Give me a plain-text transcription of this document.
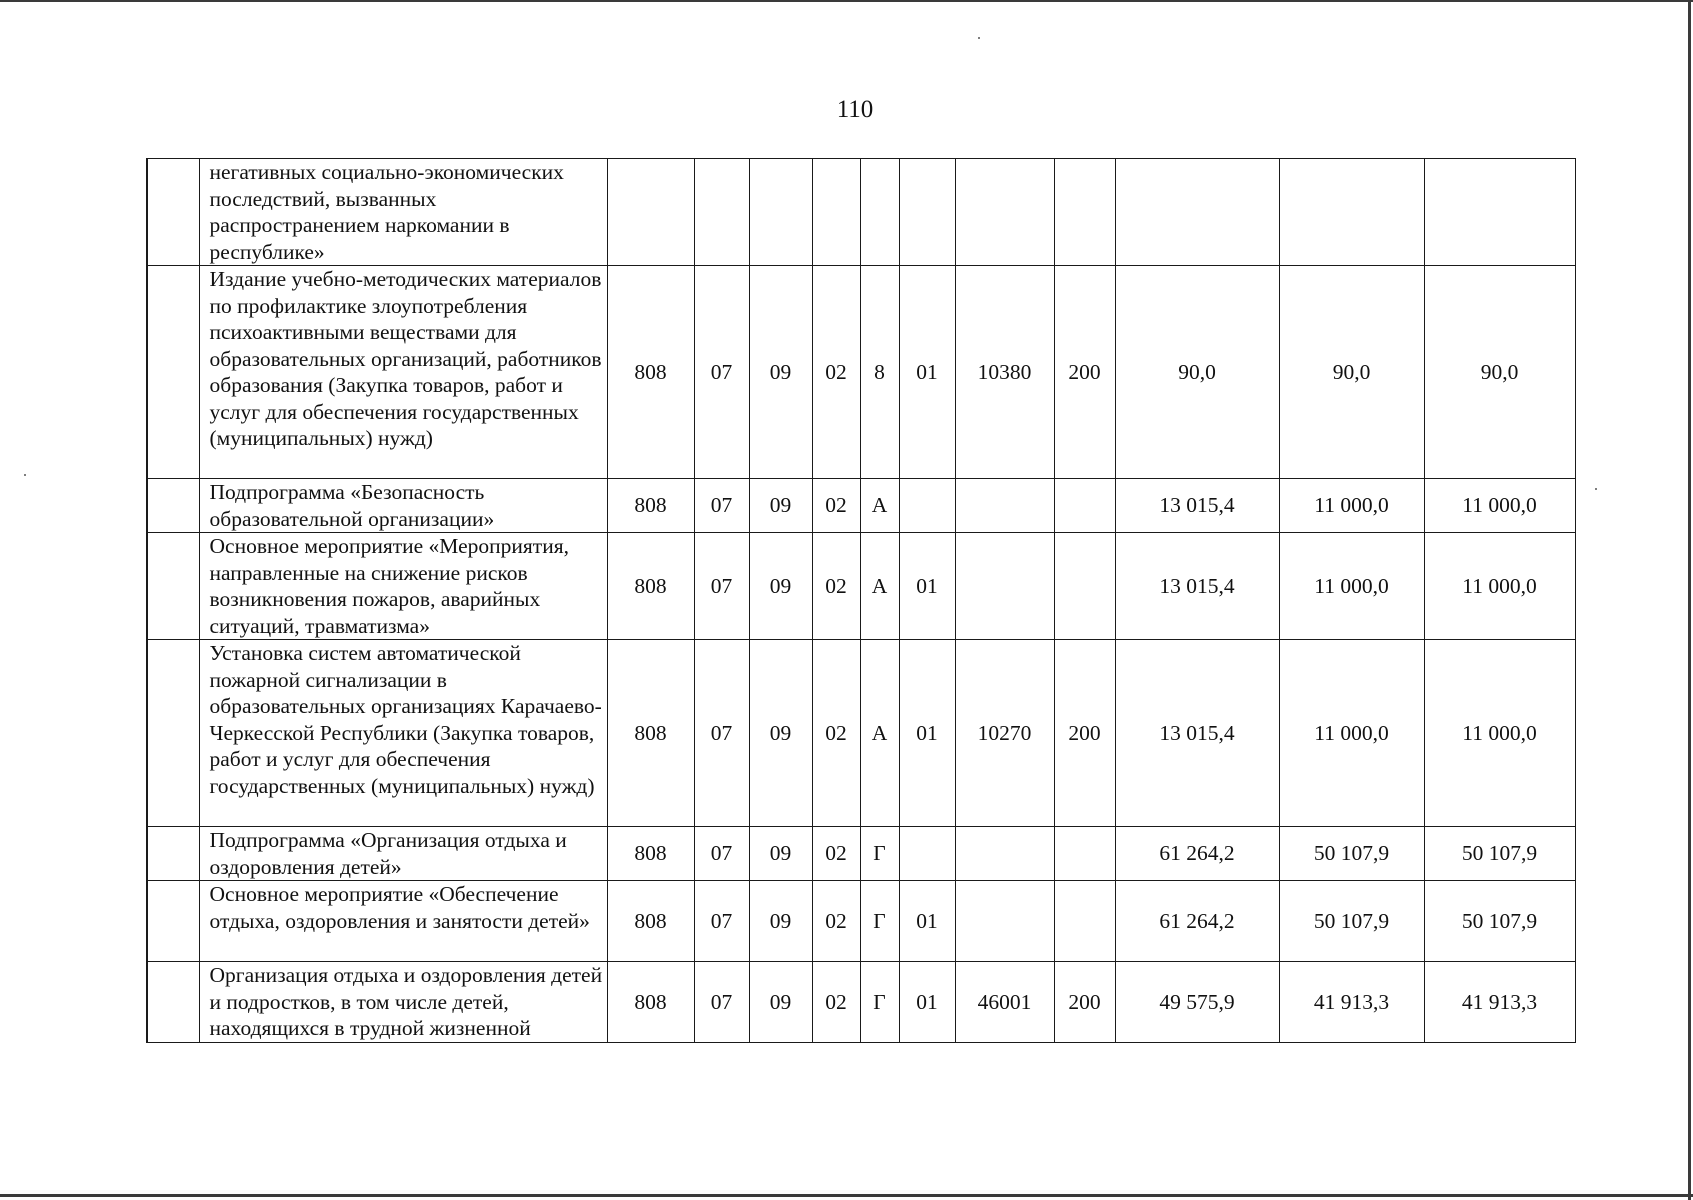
110
	негативных социально-экономических последствий, вызванных распространением наркомании в республике»											
	Издание учебно-методических материалов по профилактике злоупотребления психоактивными веществами для образовательных организаций, работников образования (Закупка товаров, работ и услуг для обеспечения государственных (муниципальных) нужд)	808	07	09	02	8	01	10380	200	90,0	90,0	90,0
	Подпрограмма «Безопасность образовательной организации»	808	07	09	02	А				13 015,4	11 000,0	11 000,0
	Основное мероприятие «Мероприятия, направленные на снижение рисков возникновения пожаров, аварийных ситуаций, травматизма»	808	07	09	02	А	01			13 015,4	11 000,0	11 000,0
	Установка систем автоматической пожарной сигнализации в образовательных организациях Карачаево-Черкесской Республики (Закупка товаров, работ и услуг для обеспечения государственных (муниципальных) нужд)	808	07	09	02	А	01	10270	200	13 015,4	11 000,0	11 000,0
	Подпрограмма «Организация отдыха и оздоровления детей»	808	07	09	02	Г				61 264,2	50 107,9	50 107,9
	Основное мероприятие «Обеспечение отдыха, оздоровления и занятости детей»	808	07	09	02	Г	01			61 264,2	50 107,9	50 107,9
	Организация отдыха и оздоровления детей и подростков, в том числе детей, находящихся в трудной жизненной	808	07	09	02	Г	01	46001	200	49 575,9	41 913,3	41 913,3
